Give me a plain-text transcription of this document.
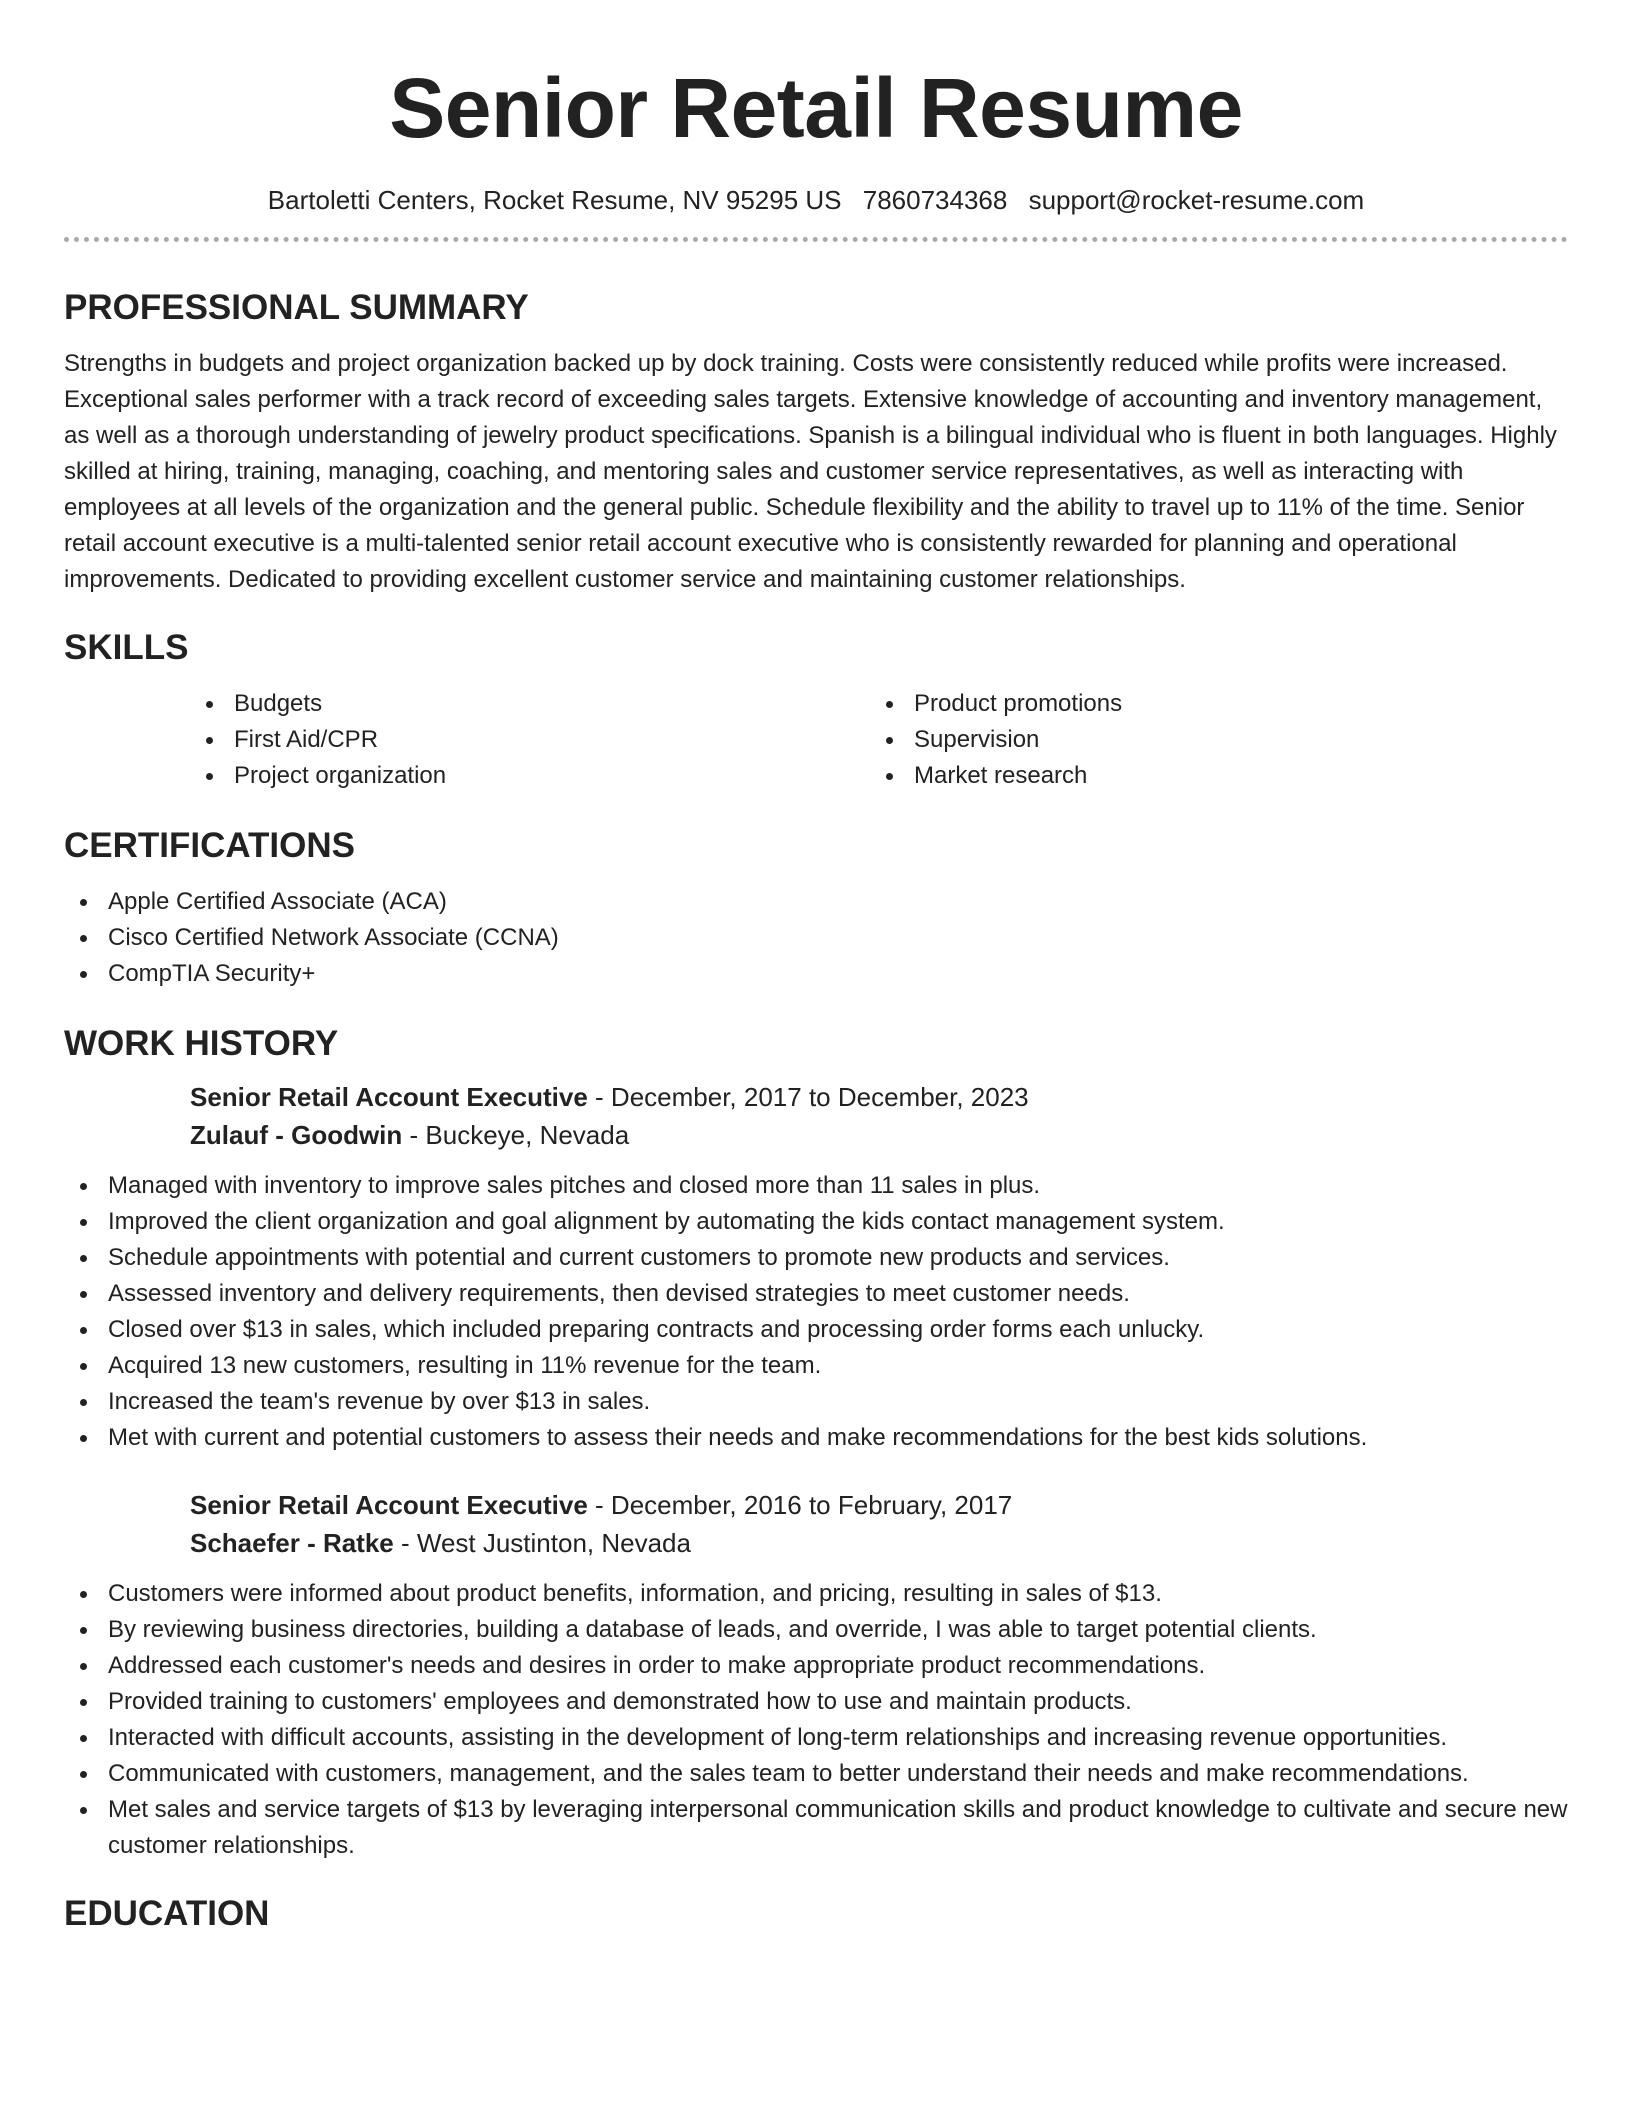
Senior Retail Resume
Bartoletti Centers, Rocket Resume, NV 95295 US 7860734368 support@rocket-resume.com
PROFESSIONAL SUMMARY

Strengths in budgets and project organization backed up by dock training. Costs were consistently reduced while profits were increased. Exceptional sales performer with a track record of exceeding sales targets. Extensive knowledge of accounting and inventory management, as well as a thorough understanding of jewelry product specifications. Spanish is a bilingual individual who is fluent in both languages. Highly skilled at hiring, training, managing, coaching, and mentoring sales and customer service representatives, as well as interacting with employees at all levels of the organization and the general public. Schedule flexibility and the ability to travel up to 11% of the time. Senior retail account executive is a multi-talented senior retail account executive who is consistently rewarded for planning and operational improvements. Dedicated to providing excellent customer service and maintaining customer relationships.

SKILLS
Budgets
First Aid/CPR
Project organization
Product promotions
Supervision
Market research
CERTIFICATIONS
Apple Certified Associate (ACA)
Cisco Certified Network Associate (CCNA)
CompTIA Security+
WORK HISTORY
Senior Retail Account Executive - December, 2017 to December, 2023
Zulauf - Goodwin - Buckeye, Nevada
Managed with inventory to improve sales pitches and closed more than 11 sales in plus.
Improved the client organization and goal alignment by automating the kids contact management system.
Schedule appointments with potential and current customers to promote new products and services.
Assessed inventory and delivery requirements, then devised strategies to meet customer needs.
Closed over $13 in sales, which included preparing contracts and processing order forms each unlucky.
Acquired 13 new customers, resulting in 11% revenue for the team.
Increased the team's revenue by over $13 in sales.
Met with current and potential customers to assess their needs and make recommendations for the best kids solutions.
Senior Retail Account Executive - December, 2016 to February, 2017
Schaefer - Ratke - West Justinton, Nevada
Customers were informed about product benefits, information, and pricing, resulting in sales of $13.
By reviewing business directories, building a database of leads, and override, I was able to target potential clients.
Addressed each customer's needs and desires in order to make appropriate product recommendations.
Provided training to customers' employees and demonstrated how to use and maintain products.
Interacted with difficult accounts, assisting in the development of long-term relationships and increasing revenue opportunities.
Communicated with customers, management, and the sales team to better understand their needs and make recommendations.
Met sales and service targets of $13 by leveraging interpersonal communication skills and product knowledge to cultivate and secure new customer relationships.
EDUCATION
